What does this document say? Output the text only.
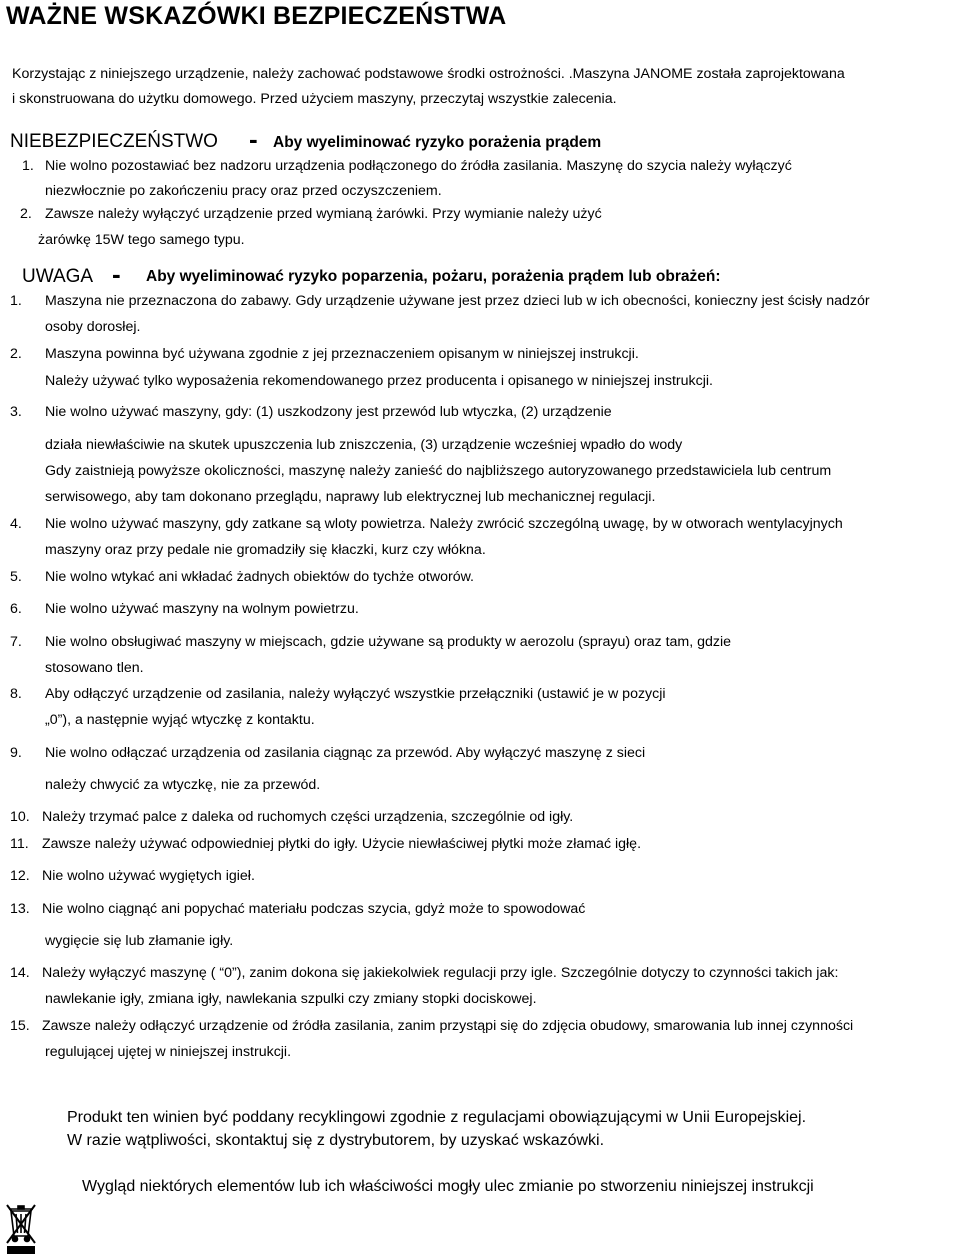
WAŻNE WSKAZÓWKI BEZPIECZEŃSTWA
Korzystając z niniejszego urządzenie, należy zachować podstawowe środki ostrożności. .Maszyna JANOME została zaprojektowana
i skonstruowana do użytku domowego. Przed użyciem maszyny, przeczytaj wszystkie zalecenia.
NIEBEZPIECZEŃSTWO - Aby wyeliminować ryzyko porażenia prądem
1. Nie wolno pozostawiać bez nadzoru urządzenia podłączonego do źródła zasilania. Maszynę do szycia należy wyłączyć
niezwłocznie po zakończeniu pracy oraz przed oczyszczeniem.
2. Zawsze należy wyłączyć urządzenie przed wymianą żarówki. Przy wymianie należy użyć
żarówkę 15W tego samego typu.
UWAGA - Aby wyeliminować ryzyko poparzenia, pożaru, porażenia prądem lub obrażeń:
1. Maszyna nie przeznaczona do zabawy. Gdy urządzenie używane jest przez dzieci lub w ich obecności, konieczny jest ścisły nadzór
osoby dorosłej.
2. Maszyna powinna być używana zgodnie z jej przeznaczeniem opisanym w niniejszej instrukcji.
Należy używać tylko wyposażenia rekomendowanego przez producenta i opisanego w niniejszej instrukcji.
3. Nie wolno używać maszyny, gdy: (1) uszkodzony jest przewód lub wtyczka, (2) urządzenie
działa niewłaściwie na skutek upuszczenia lub zniszczenia, (3) urządzenie wcześniej wpadło do wody
Gdy zaistnieją powyższe okoliczności, maszynę należy zanieść do najbliższego autoryzowanego przedstawiciela lub centrum
serwisowego, aby tam dokonano przeglądu, naprawy lub elektrycznej lub mechanicznej regulacji.
4. Nie wolno używać maszyny, gdy zatkane są wloty powietrza. Należy zwrócić szczególną uwagę, by w otworach wentylacyjnych
maszyny oraz przy pedale nie gromadziły się kłaczki, kurz czy włókna.
5. Nie wolno wtykać ani wkładać żadnych obiektów do tychże otworów.
6. Nie wolno używać maszyny na wolnym powietrzu.
7. Nie wolno obsługiwać maszyny w miejscach, gdzie używane są produkty w aerozolu (sprayu) oraz tam, gdzie
stosowano tlen.
8. Aby odłączyć urządzenie od zasilania, należy wyłączyć wszystkie przełączniki (ustawić je w pozycji
„0”), a następnie wyjąć wtyczkę z kontaktu.
9. Nie wolno odłączać urządzenia od zasilania ciągnąc za przewód. Aby wyłączyć maszynę z sieci
należy chwycić za wtyczkę, nie za przewód.
10. Należy trzymać palce z daleka od ruchomych części urządzenia, szczególnie od igły.
11. Zawsze należy używać odpowiedniej płytki do igły. Użycie niewłaściwej płytki może złamać igłę.
12. Nie wolno używać wygiętych igieł.
13. Nie wolno ciągnąć ani popychać materiału podczas szycia, gdyż może to spowodować
wygięcie się lub złamanie igły.
14. Należy wyłączyć maszynę ( “0”), zanim dokona się jakiekolwiek regulacji przy igle. Szczególnie dotyczy to czynności takich jak:
nawlekanie igły, zmiana igły, nawlekania szpulki czy zmiany stopki dociskowej.
15. Zawsze należy odłączyć urządzenie od źródła zasilania, zanim przystąpi się do zdjęcia obudowy, smarowania lub innej czynności
regulującej ujętej w niniejszej instrukcji.
Produkt ten winien być poddany recyklingowi zgodnie z regulacjami obowiązującymi w Unii Europejskiej.
W razie wątpliwości, skontaktuj się z dystrybutorem, by uzyskać wskazówki.
Wygląd niektórych elementów lub ich właściwości mogły ulec zmianie po stworzeniu niniejszej instrukcji
